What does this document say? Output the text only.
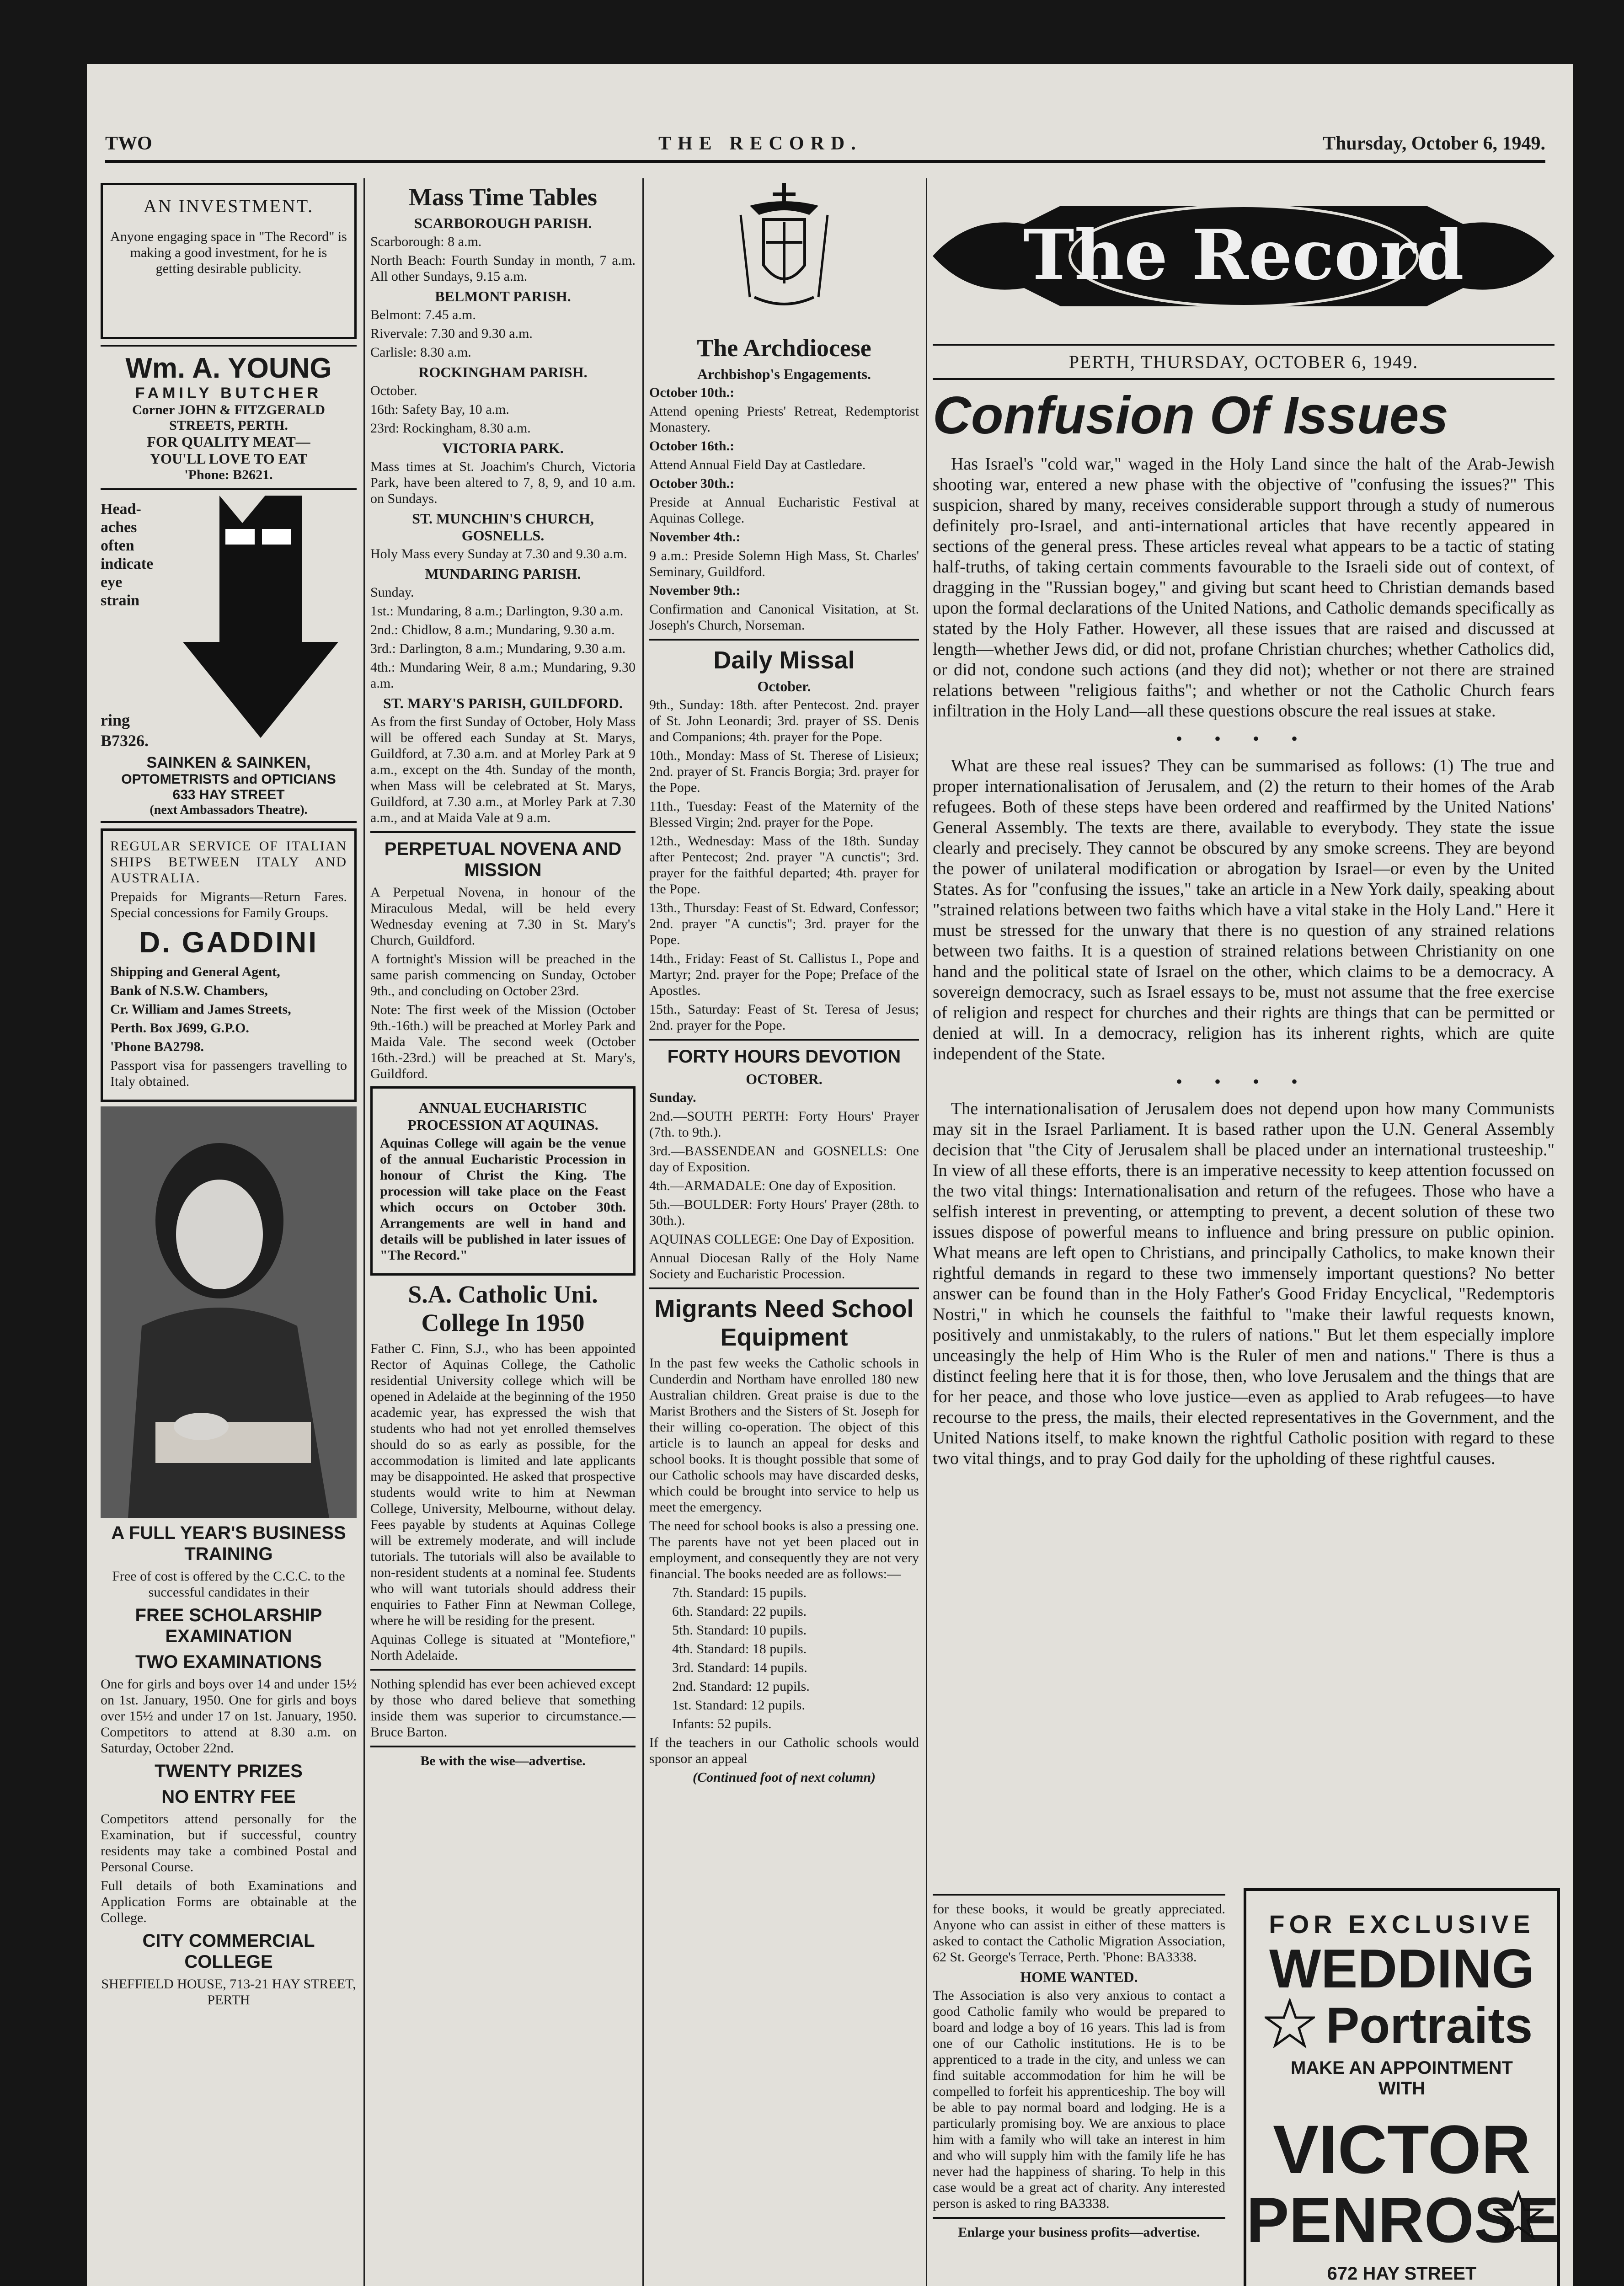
TWO	THE RECORD.	Thursday, October 6, 1949.

AN INVESTMENT.

Anyone engaging space in "The Record" is making a good investment, for he is getting desirable publicity.

Wm. A. YOUNG
FAMILY BUTCHER
Corner JOHN & FITZGERALD STREETS, PERTH.
FOR QUALITY MEAT—
YOU'LL LOVE TO EAT
'Phone: B2621.
Head-aches often indicate eye strain
ring
B7326.
SAINKEN & SAINKEN,
OPTOMETRISTS and OPTICIANS
633 HAY STREET
(next Ambassadors Theatre).

REGULAR SERVICE OF ITALIAN SHIPS BETWEEN ITALY AND AUSTRALIA.

Prepaids for Migrants—Return Fares. Special concessions for Family Groups.

D. GADDINI

Shipping and General Agent,

Bank of N.S.W. Chambers,

Cr. William and James Streets,

Perth. Box J699, G.P.O.

'Phone BA2798.

Passport visa for passengers travelling to Italy obtained.

A FULL YEAR'S BUSINESS TRAINING

Free of cost is offered by the C.C.C. to the successful candidates in their

FREE SCHOLARSHIP EXAMINATION
TWO EXAMINATIONS

One for girls and boys over 14 and under 15½ on 1st. January, 1950. One for girls and boys over 15½ and under 17 on 1st. January, 1950. Competitors to attend at 8.30 a.m. on Saturday, October 22nd.

TWENTY PRIZES
NO ENTRY FEE

Competitors attend personally for the Examination, but if successful, country residents may take a combined Postal and Personal Course.

Full details of both Examinations and Application Forms are obtainable at the College.

CITY COMMERCIAL COLLEGE

SHEFFIELD HOUSE, 713-21 HAY STREET, PERTH

Mass Time Tables
SCARBOROUGH PARISH.

Scarborough: 8 a.m.

North Beach: Fourth Sunday in month, 7 a.m. All other Sundays, 9.15 a.m.

BELMONT PARISH.

Belmont: 7.45 a.m.

Rivervale: 7.30 and 9.30 a.m.

Carlisle: 8.30 a.m.

ROCKINGHAM PARISH.

October.

16th: Safety Bay, 10 a.m.

23rd: Rockingham, 8.30 a.m.

VICTORIA PARK.

Mass times at St. Joachim's Church, Victoria Park, have been altered to 7, 8, 9, and 10 a.m. on Sundays.

ST. MUNCHIN'S CHURCH, GOSNELLS.

Holy Mass every Sunday at 7.30 and 9.30 a.m.

MUNDARING PARISH.

Sunday.

1st.: Mundaring, 8 a.m.; Darlington, 9.30 a.m.

2nd.: Chidlow, 8 a.m.; Mundaring, 9.30 a.m.

3rd.: Darlington, 8 a.m.; Mundaring, 9.30 a.m.

4th.: Mundaring Weir, 8 a.m.; Mundaring, 9.30 a.m.

ST. MARY'S PARISH, GUILDFORD.

As from the first Sunday of October, Holy Mass will be offered each Sunday at St. Marys, Guildford, at 7.30 a.m. and at Morley Park at 9 a.m., except on the 4th. Sunday of the month, when Mass will be celebrated at St. Marys, Guildford, at 7.30 a.m., at Morley Park at 7.30 a.m., and at Maida Vale at 9 a.m.

PERPETUAL NOVENA AND MISSION

A Perpetual Novena, in honour of the Miraculous Medal, will be held every Wednesday evening at 7.30 in St. Mary's Church, Guildford.

A fortnight's Mission will be preached in the same parish commencing on Sunday, October 9th., and concluding on October 23rd.

Note: The first week of the Mission (October 9th.-16th.) will be preached at Morley Park and Maida Vale. The second week (October 16th.-23rd.) will be preached at St. Mary's, Guildford.

ANNUAL EUCHARISTIC PROCESSION AT AQUINAS.

Aquinas College will again be the venue of the annual Eucharistic Procession in honour of Christ the King. The procession will take place on the Feast which occurs on October 30th. Arrangements are well in hand and details will be published in later issues of "The Record."

S.A. Catholic Uni. College In 1950

Father C. Finn, S.J., who has been appointed Rector of Aquinas College, the Catholic residential University college which will be opened in Adelaide at the beginning of the 1950 academic year, has expressed the wish that students who had not yet enrolled themselves should do so as early as possible, for the accommodation is limited and late applicants may be disappointed. He asked that prospective students would write to him at Newman College, University, Melbourne, without delay. Fees payable by students at Aquinas College will be extremely moderate, and will include tutorials. The tutorials will also be available to non-resident students at a nominal fee. Students who will want tutorials should address their enquiries to Father Finn at Newman College, where he will be residing for the present.

Aquinas College is situated at "Montefiore," North Adelaide.

Nothing splendid has ever been achieved except by those who dared believe that something inside them was superior to circumstance.—Bruce Barton.

Be with the wise—advertise.

The Archdiocese
Archbishop's Engagements.

October 10th.:

Attend opening Priests' Retreat, Redemptorist Monastery.

October 16th.:

Attend Annual Field Day at Castledare.

October 30th.:

Preside at Annual Eucharistic Festival at Aquinas College.

November 4th.:

9 a.m.: Preside Solemn High Mass, St. Charles' Seminary, Guildford.

November 9th.:

Confirmation and Canonical Visitation, at St. Joseph's Church, Norseman.

Daily Missal
October.

9th., Sunday: 18th. after Pentecost. 2nd. prayer of St. John Leonardi; 3rd. prayer of SS. Denis and Companions; 4th. prayer for the Pope.

10th., Monday: Mass of St. Therese of Lisieux; 2nd. prayer of St. Francis Borgia; 3rd. prayer for the Pope.

11th., Tuesday: Feast of the Maternity of the Blessed Virgin; 2nd. prayer for the Pope.

12th., Wednesday: Mass of the 18th. Sunday after Pentecost; 2nd. prayer "A cunctis"; 3rd. prayer for the faithful departed; 4th. prayer for the Pope.

13th., Thursday: Feast of St. Edward, Confessor; 2nd. prayer "A cunctis"; 3rd. prayer for the Pope.

14th., Friday: Feast of St. Callistus I., Pope and Martyr; 2nd. prayer for the Pope; Preface of the Apostles.

15th., Saturday: Feast of St. Teresa of Jesus; 2nd. prayer for the Pope.

FORTY HOURS DEVOTION
OCTOBER.

Sunday.

2nd.—SOUTH PERTH: Forty Hours' Prayer (7th. to 9th.).

3rd.—BASSENDEAN and GOSNELLS: One day of Exposition.

4th.—ARMADALE: One day of Exposition.

5th.—BOULDER: Forty Hours' Prayer (28th. to 30th.).

AQUINAS COLLEGE: One Day of Exposition.

Annual Diocesan Rally of the Holy Name Society and Eucharistic Procession.

Migrants Need School Equipment

In the past few weeks the Catholic schools in Cunderdin and Northam have enrolled 180 new Australian children. Great praise is due to the Marist Brothers and the Sisters of St. Joseph for their willing co-operation. The object of this article is to launch an appeal for desks and school books. It is thought possible that some of our Catholic schools may have discarded desks, which could be brought into service to help us meet the emergency.

The need for school books is also a pressing one. The parents have not yet been placed out in employment, and consequently they are not very financial. The books needed are as follows:—

7th. Standard: 15 pupils.

6th. Standard: 22 pupils.

5th. Standard: 10 pupils.

4th. Standard: 18 pupils.

3rd. Standard: 14 pupils.

2nd. Standard: 12 pupils.

1st. Standard: 12 pupils.

Infants: 52 pupils.

If the teachers in our Catholic schools would sponsor an appeal

(Continued foot of next column)

The Record
PERTH, THURSDAY, OCTOBER 6, 1949.
Confusion Of Issues

Has Israel's "cold war," waged in the Holy Land since the halt of the Arab-Jewish shooting war, entered a new phase with the objective of "confusing the issues?" This suspicion, shared by many, receives considerable support through a study of numerous definitely pro-Israel, and anti-international articles that have recently appeared in sections of the general press. These articles reveal what appears to be a tactic of stating half-truths, of taking certain comments favourable to the Israeli side out of context, of dragging in the "Russian bogey," and giving but scant heed to Christian demands based upon the formal declarations of the United Nations, and Catholic demands specifically as stated by the Holy Father. However, all these issues that are raised and discussed at length—whether Jews did, or did not, profane Christian churches; whether Catholics did, or did not, condone such actions (and they did not); whether or not there are strained relations between "religious faiths"; and whether or not the Catholic Church fears infiltration in the Holy Land—all these questions obscure the real issues at stake.

• • • •

What are these real issues? They can be summarised as follows: (1) The true and proper internationalisation of Jerusalem, and (2) the return to their homes of the Arab refugees. Both of these steps have been ordered and reaffirmed by the United Nations' General Assembly. The texts are there, available to everybody. They state the issue clearly and precisely. They cannot be obscured by any smoke screens. They are beyond the power of unilateral modification or abrogation by Israel—or even by the United States. As for "confusing the issues," take an article in a New York daily, speaking about "strained relations between two faiths which have a vital stake in the Holy Land." Here it must be stressed for the unwary that there is no question of any strained relations between two faiths. It is a question of strained relations between Christianity on one hand and the political state of Israel on the other, which claims to be a democracy. A sovereign democracy, such as Israel essays to be, must not assume that the free exercise of religion and respect for churches and their rights are things that can be permitted or denied at will. In a democracy, religion has its inherent rights, which are quite independent of the State.

• • • •

The internationalisation of Jerusalem does not depend upon how many Communists may sit in the Israel Parliament. It is based rather upon the U.N. General Assembly decision that "the City of Jerusalem shall be placed under an international trusteeship." In view of all these efforts, there is an imperative necessity to keep attention focussed on the two vital things: Internationalisation and return of the refugees. Those who have a selfish interest in preventing, or attempting to prevent, a decent solution of these two issues dispose of powerful means to influence and bring pressure on public opinion. What means are left open to Christians, and principally Catholics, to make known their rightful demands in regard to these two immensely important questions? No better answer can be found than in the Holy Father's Good Friday Encyclical, "Redemptoris Nostri," in which he counsels the faithful to "make their lawful requests known, positively and unmistakably, to the rulers of nations." But let them especially implore unceasingly the help of Him Who is the Ruler of men and nations." There is thus a distinct feeling here that it is for those, then, who love Jerusalem and the things that are for her peace, and those who love justice—even as applied to Arab refugees—to have recourse to the press, the mails, their elected representatives in the Government, and the United Nations itself, to make known the rightful Catholic position with regard to these two vital things, and to pray God daily for the upholding of these rightful causes.

for these books, it would be greatly appreciated. Anyone who can assist in either of these matters is asked to contact the Catholic Migration Association, 62 St. George's Terrace, Perth. 'Phone: BA3338.

HOME WANTED.

The Association is also very anxious to contact a good Catholic family who would be prepared to board and lodge a boy of 16 years. This lad is from one of our Catholic institutions. He is to be apprenticed to a trade in the city, and unless we can find suitable accommodation for him he will be compelled to forfeit his apprenticeship. The boy will be able to pay normal board and lodging. He is a particularly promising boy. We are anxious to place him with a family who will take an interest in him and who will supply him with the family life he has never had the happiness of sharing. To help in this case would be a great act of charity. Any interested person is asked to ring BA3338.

Enlarge your business profits—advertise.

FOR EXCLUSIVE
WEDDING
Portraits
MAKE AN APPOINTMENT
WITH
VICTOR
PENROSE
672 HAY STREET
